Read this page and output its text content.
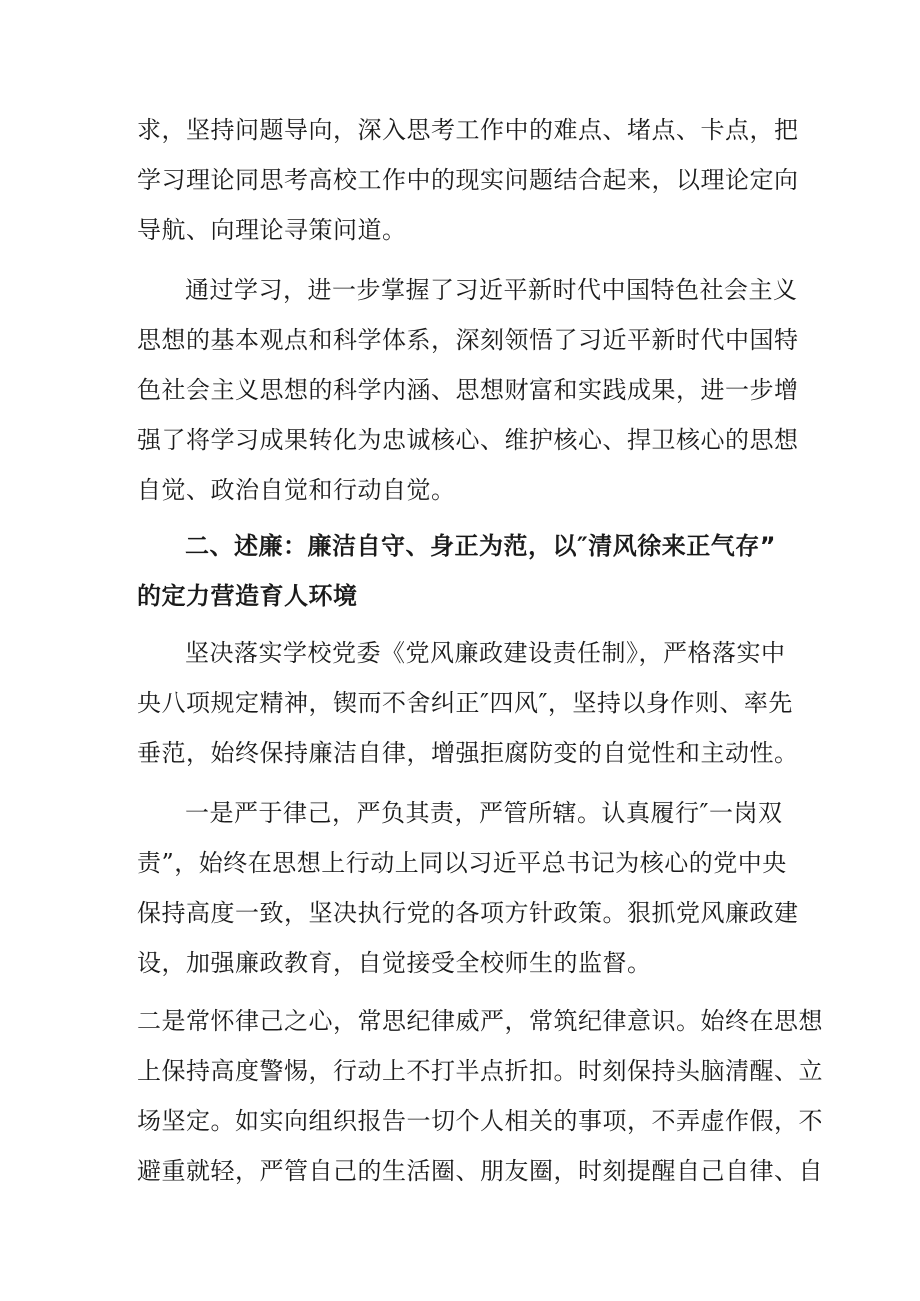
求，坚持问题导向，深入思考工作中的难点、堵点、卡点，把
学习理论同思考高校工作中的现实问题结合起来，以理论定向
导航、向理论寻策问道。

通过学习，进一步掌握了习近平新时代中国特色社会主义
思想的基本观点和科学体系，深刻领悟了习近平新时代中国特
色社会主义思想的科学内涵、思想财富和实践成果，进一步增
强了将学习成果转化为忠诚核心、维护核心、捍卫核心的思想
自觉、政治自觉和行动自觉。

二、述廉：廉洁自守、身正为范，以″清风徐来正气存”
的定力营造育人环境

坚决落实学校党委《党风廉政建设责任制》，严格落实中
央八项规定精神，锲而不舍纠正″四风″，坚持以身作则、率先
垂范，始终保持廉洁自律，增强拒腐防变的自觉性和主动性。

一是严于律己，严负其责，严管所辖。认真履行″一岗双
责”，始终在思想上行动上同以习近平总书记为核心的党中央
保持高度一致，坚决执行党的各项方针政策。狠抓党风廉政建
设，加强廉政教育，自觉接受全校师生的监督。

二是常怀律己之心，常思纪律威严，常筑纪律意识。始终在思想
上保持高度警惕，行动上不打半点折扣。时刻保持头脑清醒、立
场坚定。如实向组织报告一切个人相关的事项，不弄虚作假，不
避重就轻，严管自己的生活圈、朋友圈，时刻提醒自己自律、自
